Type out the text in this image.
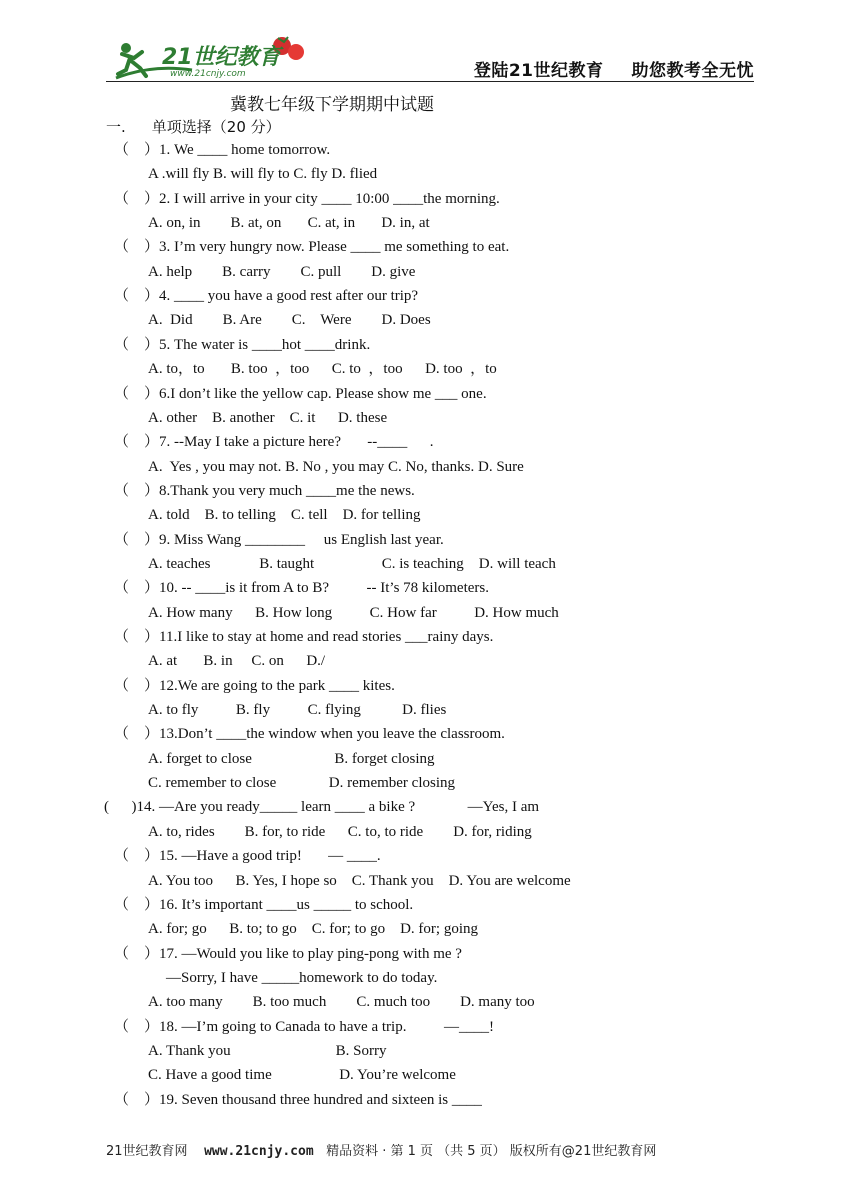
21世纪教育
www.21cnjy.com	登陆21世纪教育 助您教考全无忧
冀教七年级下学期期中试题
一. 单项选择（20 分）
（    ）1. We ____ home tomorrow.
A .will fly B. will fly to C. fly D. flied
（    ）2. I will arrive in your city ____ 10:00 ____the morning.
A. on, in        B. at, on       C. at, in       D. in, at
（    ）3. I’m very hungry now. Please ____ me something to eat.
A. help        B. carry        C. pull        D. give
（    ）4. ____ you have a good rest after our trip?
A.  Did        B. Are        C.    Were        D. Does
（    ）5. The water is ____hot ____drink.
A. to，to       B. too  ，too      C. to  ，too      D. too  ，to
（    ）6.I don’t like the yellow cap. Please show me ___ one.
A. other    B. another    C. it      D. these
（    ）7. --May I take a picture here?       --____      .
A.  Yes , you may not. B. No , you may C. No, thanks. D. Sure
（    ）8.Thank you very much ____me the news.
A. told    B. to telling    C. tell    D. for telling
（    ）9. Miss Wang ________     us English last year.
A. teaches             B. taught                  C. is teaching    D. will teach
（    ）10. -- ____is it from A to B?          -- It’s 78 kilometers.
A. How many      B. How long          C. How far          D. How much
（    ）11.I like to stay at home and read stories ___rainy days.
A. at       B. in     C. on      D./
（    ）12.We are going to the park ____ kites.
A. to fly          B. fly          C. flying           D. flies
（    ）13.Don’t ____the window when you leave the classroom.
A. forget to close                      B. forget closing
C. remember to close              D. remember closing
(      )14. —Are you ready_____ learn ____ a bike ?              —Yes, I am
A. to, rides        B. for, to ride      C. to, to ride        D. for, riding
（    ）15. —Have a good trip!       — ____.
A. You too      B. Yes, I hope so    C. Thank you    D. You are welcome
（    ）16. It’s important ____us _____ to school.
A. for; go      B. to; to go    C. for; to go    D. for; going
（    ）17. —Would you like to play ping-pong with me ?
—Sorry, I have _____homework to do today.
A. too many        B. too much        C. much too        D. many too
（    ）18. —I’m going to Canada to have a trip.          —____!
A. Thank you                            B. Sorry
C. Have a good time                  D. You’re welcome
（    ）19. Seven thousand three hundred and sixteen is ____
21世纪教育网 www.21cnjy.com 精品资料 · 第 1 页 （共 5 页） 版权所有@21世纪教育网
